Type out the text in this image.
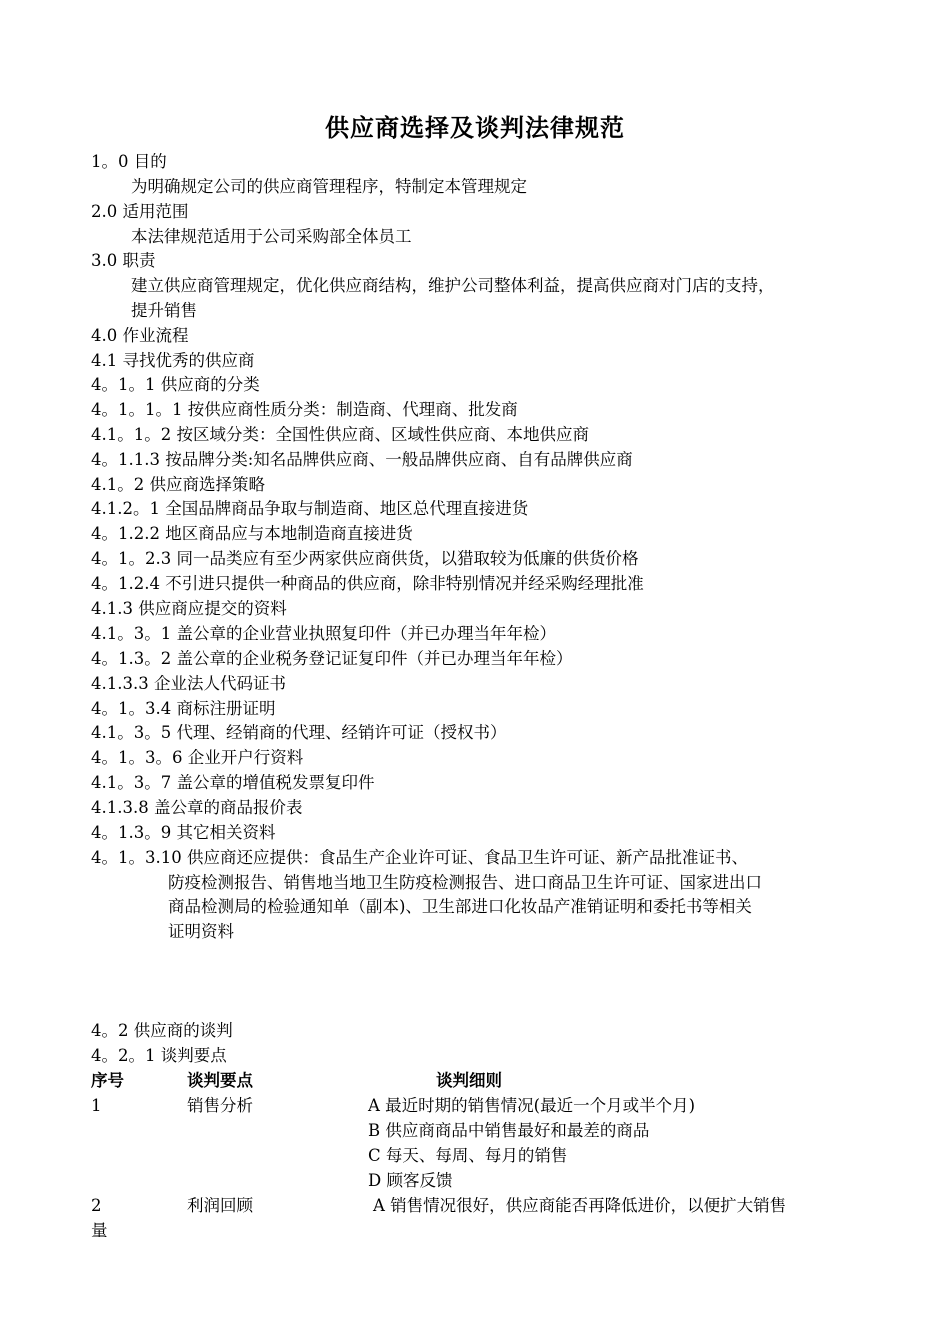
供应商选择及谈判法律规范
1。0 目的
为明确规定公司的供应商管理程序，特制定本管理规定
2.0 适用范围
本法律规范适用于公司采购部全体员工
3.0 职责
建立供应商管理规定，优化供应商结构，维护公司整体利益，提高供应商对门店的支持，
提升销售
4.0 作业流程
4.1 寻找优秀的供应商
4。1。1 供应商的分类
4。1。1。1 按供应商性质分类：制造商、代理商、批发商
4.1。1。2 按区域分类：全国性供应商、区域性供应商、本地供应商
4。1.1.3 按品牌分类:知名品牌供应商、一般品牌供应商、自有品牌供应商
4.1。2 供应商选择策略
4.1.2。1 全国品牌商品争取与制造商、地区总代理直接进货
4。1.2.2 地区商品应与本地制造商直接进货
4。1。2.3 同一品类应有至少两家供应商供货，以猎取较为低廉的供货价格
4。1.2.4 不引进只提供一种商品的供应商，除非特别情况并经采购经理批准
4.1.3 供应商应提交的资料
4.1。3。1 盖公章的企业营业执照复印件（并已办理当年年检）
4。1.3。2 盖公章的企业税务登记证复印件（并已办理当年年检）
4.1.3.3 企业法人代码证书
4。1。3.4 商标注册证明
4.1。3。5 代理、经销商的代理、经销许可证（授权书）
4。1。3。6 企业开户行资料
4.1。3。7 盖公章的增值税发票复印件
4.1.3.8 盖公章的商品报价表
4。1.3。9 其它相关资料
4。1。3.10 供应商还应提供：食品生产企业许可证、食品卫生许可证、新产品批准证书、
防疫检测报告、销售地当地卫生防疫检测报告、进口商品卫生许可证、国家进出口
商品检测局的检验通知单（副本)、卫生部进口化妆品产准销证明和委托书等相关
证明资料
4。2 供应商的谈判
4。2。1 谈判要点
序号	谈判要点	谈判细则
1	销售分析	A 最近时期的销售情况(最近一个月或半个月)
B 供应商商品中销售最好和最差的商品
C 每天、每周、每月的销售
D 顾客反馈
2	利润回顾	A 销售情况很好，供应商能否再降低进价，以便扩大销售
量
